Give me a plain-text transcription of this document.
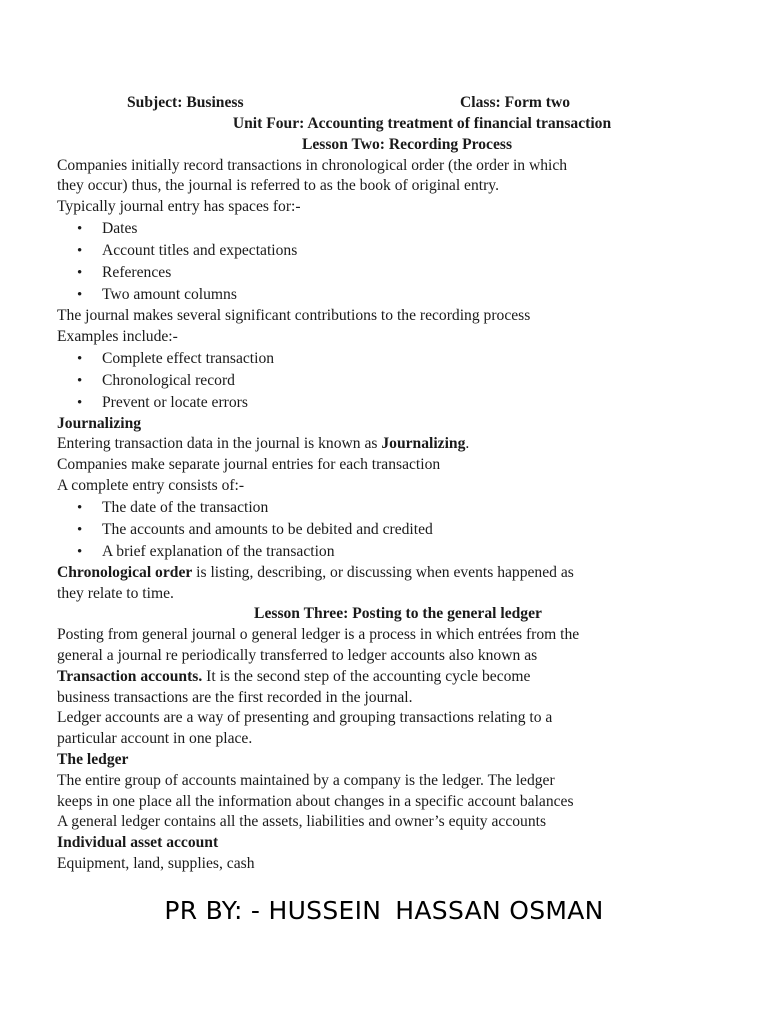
Subject: Business	Class: Form two
Unit Four: Accounting treatment of financial transaction
Lesson Two: Recording Process
Companies initially record transactions in chronological order (the order in which
they occur) thus, the journal is referred to as the book of original entry.
Typically journal entry has spaces for:-
• Dates
• Account titles and expectations
• References
• Two amount columns
The journal makes several significant contributions to the recording process
Examples include:-
• Complete effect transaction
• Chronological record
• Prevent or locate errors
Journalizing
Entering transaction data in the journal is known as Journalizing.
Companies make separate journal entries for each transaction
A complete entry consists of:-
• The date of the transaction
• The accounts and amounts to be debited and credited
• A brief explanation of the transaction
Chronological order is listing, describing, or discussing when events happened as
they relate to time.
Lesson Three: Posting to the general ledger
Posting from general journal o general ledger is a process in which entrées from the
general a journal re periodically transferred to ledger accounts also known as
Transaction accounts. It is the second step of the accounting cycle become
business transactions are the first recorded in the journal.
Ledger accounts are a way of presenting and grouping transactions relating to a
particular account in one place.
The ledger
The entire group of accounts maintained by a company is the ledger. The ledger
keeps in one place all the information about changes in a specific account balances
A general ledger contains all the assets, liabilities and owner’s equity accounts
Individual asset account
Equipment, land, supplies, cash
PR BY: - HUSSEIN HASSAN OSMAN
